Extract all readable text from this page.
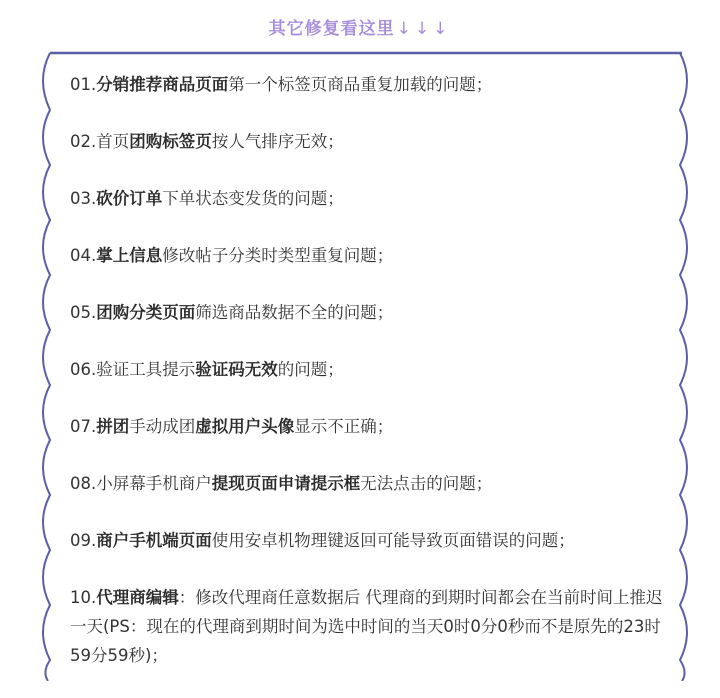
其它修复看这里 ↓↓↓
01.分销推荐商品页面第一个标签页商品重复加载的问题；
02.首页团购标签页按人气排序无效；
03.砍价订单下单状态变发货的问题；
04.掌上信息修改帖子分类时类型重复问题；
05.团购分类页面筛选商品数据不全的问题；
06.验证工具提示验证码无效的问题；
07.拼团手动成团虚拟用户头像显示不正确；
08.小屏幕手机商户提现页面申请提示框无法点击的问题；
09.商户手机端页面使用安卓机物理键返回可能导致页面错误的问题；
10.代理商编辑：修改代理商任意数据后 代理商的到期时间都会在当前时间上推迟一天(PS：现在的代理商到期时间为选中时间的当天0时0分0秒而不是原先的23时59分59秒)；
